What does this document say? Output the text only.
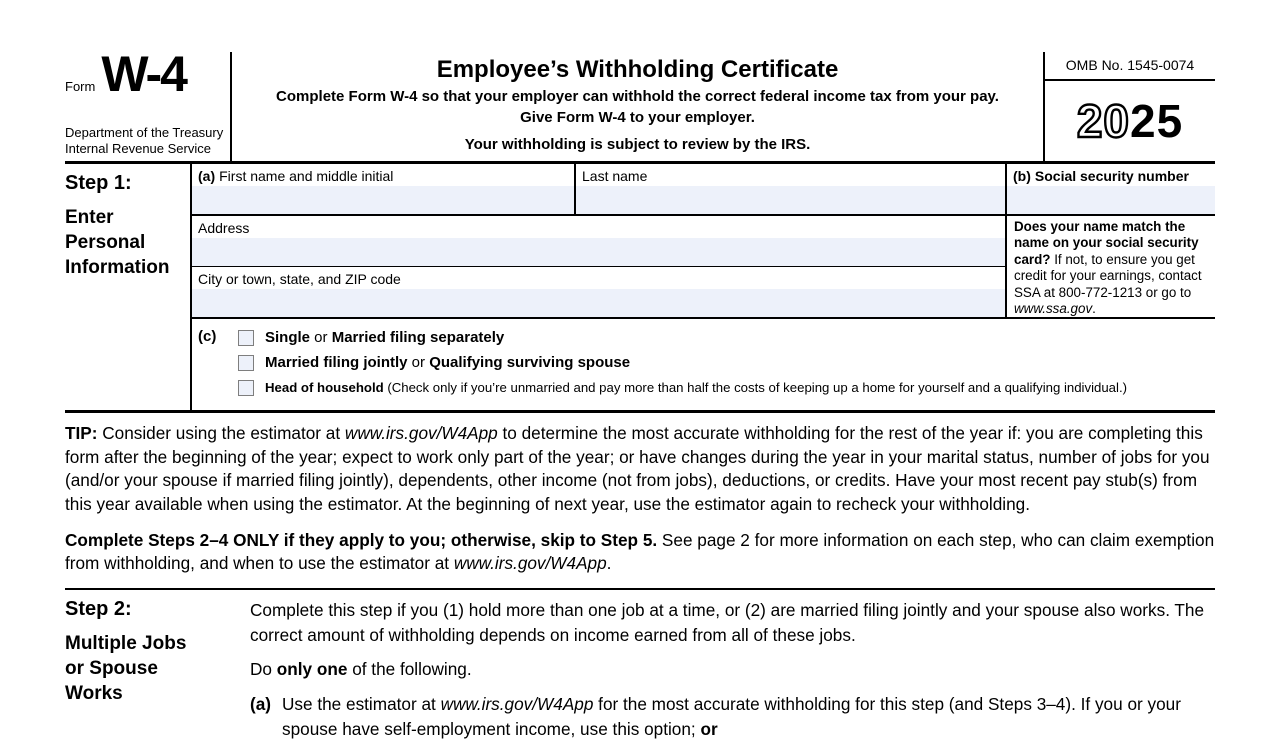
Form W-4
Department of the Treasury
Internal Revenue Service
Employee’s Withholding Certificate
Complete Form W-4 so that your employer can withhold the correct federal income tax from your pay.
Give Form W-4 to your employer.
Your withholding is subject to review by the IRS.
OMB No. 1545-0074
20 25
Step 1:
Enter
Personal
Information
(a) First name and middle initial	Last name	(b) Social security number
Address
City or town, state, and ZIP code
Does your name match the name on your social security card? If not, to ensure you get credit for your earnings, contact SSA at 800-772-1213 or go to www.ssa.gov.
(c)	Single or Married filing separately
Married filing jointly or Qualifying surviving spouse
Head of household (Check only if you’re unmarried and pay more than half the costs of keeping up a home for yourself and a qualifying individual.)
TIP: Consider using the estimator at www.irs.gov/W4App to determine the most accurate withholding for the rest of the year if: you are completing this form after the beginning of the year; expect to work only part of the year; or have changes during the year in your marital status, number of jobs for you (and/or your spouse if married filing jointly), dependents, other income (not from jobs), deductions, or credits. Have your most recent pay stub(s) from this year available when using the estimator. At the beginning of next year, use the estimator again to recheck your withholding.
Complete Steps 2–4 ONLY if they apply to you; otherwise, skip to Step 5. See page 2 for more information on each step, who can claim exemption from withholding, and when to use the estimator at www.irs.gov/W4App.
Step 2:
Multiple Jobs
or Spouse
Works
Complete this step if you (1) hold more than one job at a time, or (2) are married filing jointly and your spouse also works. The correct amount of withholding depends on income earned from all of these jobs.
Do only one of the following.
(a) Use the estimator at www.irs.gov/W4App for the most accurate withholding for this step (and Steps 3–4). If you or your spouse have self-employment income, use this option; or
